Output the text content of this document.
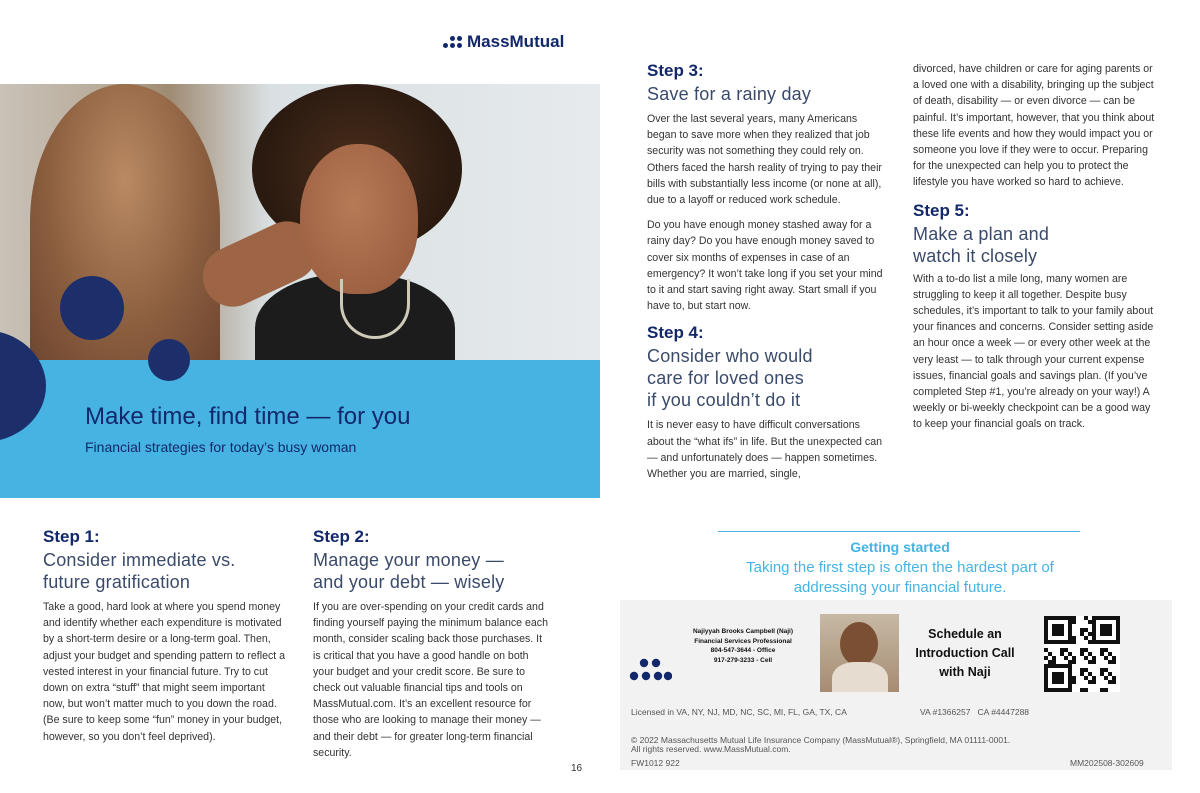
MassMutual
Make time, find time — for you
Financial strategies for today’s busy woman
Step 1:
Consider immediate vs.
future gratification
Take a good, hard look at where you spend money and identify whether each expenditure is motivated by a short-term desire or a long-term goal. Then, adjust your budget and spending pattern to reflect a vested interest in your financial future. Try to cut down on extra “stuff” that might seem important now, but won’t matter much to you down the road. (Be sure to keep some “fun” money in your budget, however, so you don’t feel deprived).
Step 2:
Manage your money —
and your debt — wisely
If you are over-spending on your credit cards and finding yourself paying the minimum balance each month, consider scaling back those purchases. It is critical that you have a good handle on both your budget and your credit score. Be sure to check out valuable financial tips and tools on MassMutual.com. It’s an excellent resource for those who are looking to manage their money — and their debt — for greater long-term financial security.
Step 3:
Save for a rainy day

Over the last several years, many Americans began to save more when they realized that job security was not something they could rely on. Others faced the harsh reality of trying to pay their bills with substantially less income (or none at all), due to a layoff or reduced work schedule.

Do you have enough money stashed away for a rainy day? Do you have enough money saved to cover six months of expenses in case of an emergency? It won’t take long if you set your mind to it and start saving right away. Start small if you have to, but start now.

Step 4:
Consider who would
care for loved ones
if you couldn’t do it

It is never easy to have difficult conversations about the “what ifs” in life. But the unexpected can — and unfortunately does — happen sometimes. Whether you are married, single,

divorced, have children or care for aging parents or a loved one with a disability, bringing up the subject of death, disability — or even divorce — can be painful. It’s important, however, that you think about these life events and how they would impact you or someone you love if they were to occur. Preparing for the unexpected can help you to protect the lifestyle you have worked so hard to achieve.

Step 5:
Make a plan and
watch it closely

With a to-do list a mile long, many women are struggling to keep it all together. Despite busy schedules, it’s important to talk to your family about your finances and concerns. Consider setting aside an hour once a week — or every other week at the very least — to talk through your current expense issues, financial goals and savings plan. (If you’ve completed Step #1, you’re already on your way!) A weekly or bi-weekly checkpoint can be a good way to keep your financial goals on track.

Getting started
Taking the first step is often the hardest part of
addressing your financial future.
Najiyyah Brooks Campbell (Naji)
Financial Services Professional
804-547-3644 - Office
917-279-3233 - Cell
Schedule an
Introduction Call
with Naji
Licensed in VA, NY, NJ, MD, NC, SC, MI, FL, GA, TX, CA	VA #1366257   CA #4447288
© 2022 Massachusetts Mutual Life Insurance Company (MassMutual®), Springfield, MA 01111-0001.
All rights reserved. www.MassMutual.com.
FW1012 922	MM202508-302609
16
